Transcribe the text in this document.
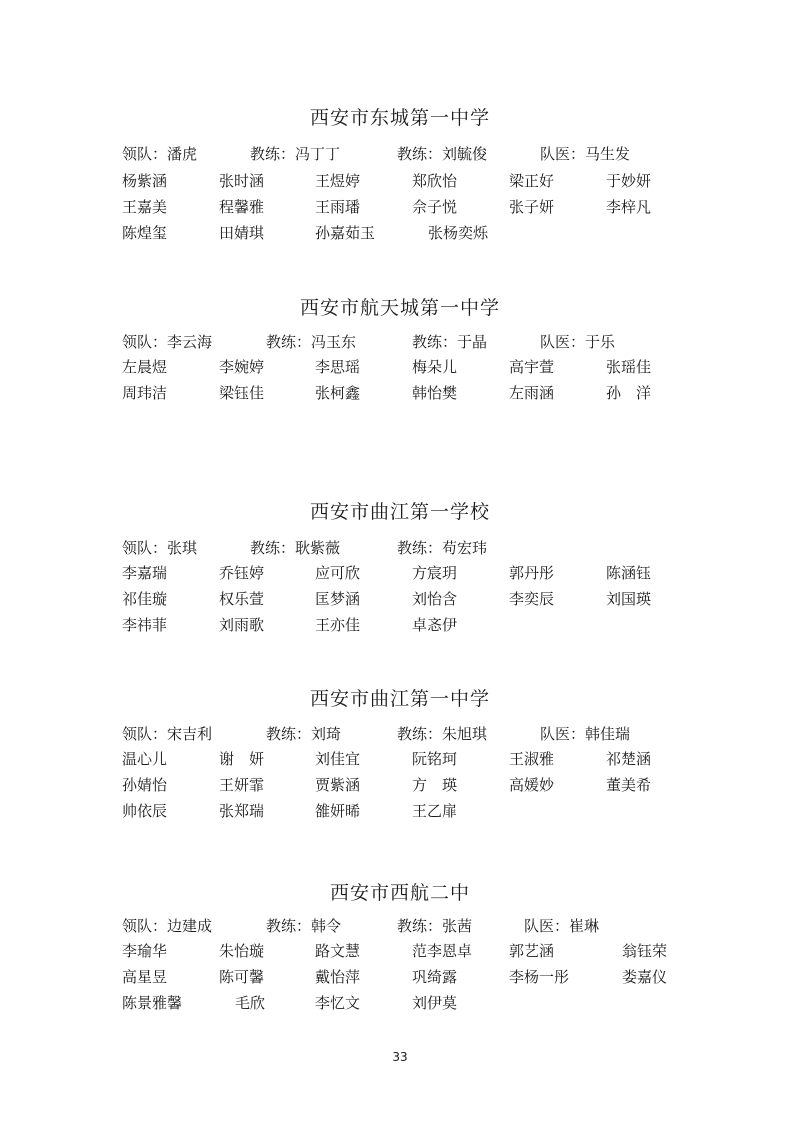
西安市东城第一中学
领队：潘虎	教练：冯丁丁	教练：刘毓俊	队医：马生发
杨紫涵	张时涵	王煜婷	郑欣怡	梁正好	于妙妍
王嘉美	程馨雅	王雨璠	佘子悦	张子妍	李梓凡
陈煌玺	田婧琪	孙嘉茹玉	张杨奕烁
西安市航天城第一中学
领队：李云海	教练：冯玉东	教练：于晶	队医：于乐
左晨煜	李婉婷	李思瑶	梅朵儿	高宇萱	张瑶佳
周玮洁	梁钰佳	张柯鑫	韩怡樊	左雨涵	孙　洋
西安市曲江第一学校
领队：张琪	教练：耿紫薇	教练：苟宏玮
李嘉瑞	乔钰婷	应可欣	方宸玥	郭丹彤	陈涵钰
祁佳璇	权乐萱	匡梦涵	刘怡含	李奕辰	刘国瑛
李祎菲	刘雨歌	王亦佳	卓忞伊
西安市曲江第一中学
领队：宋吉利	教练：刘琦	教练：朱旭琪	队医：韩佳瑞
温心儿	谢　妍	刘佳宜	阮铭珂	王淑雅	祁楚涵
孙婧怡	王妍霏	贾紫涵	方　瑛	高媛妙	董美希
帅依辰	张郑瑞	雒妍晞	王乙扉
西安市西航二中
领队：边建成	教练：韩令	教练：张茜	队医：崔琳
李瑜华	朱怡璇	路文慧	范李恩卓 郭艺涵	翁钰荣
高星昱	陈可馨	戴怡萍	巩绮露	李杨一彤	娄嘉仪
陈景雅馨	毛欣	李忆文	刘伊莫
33
